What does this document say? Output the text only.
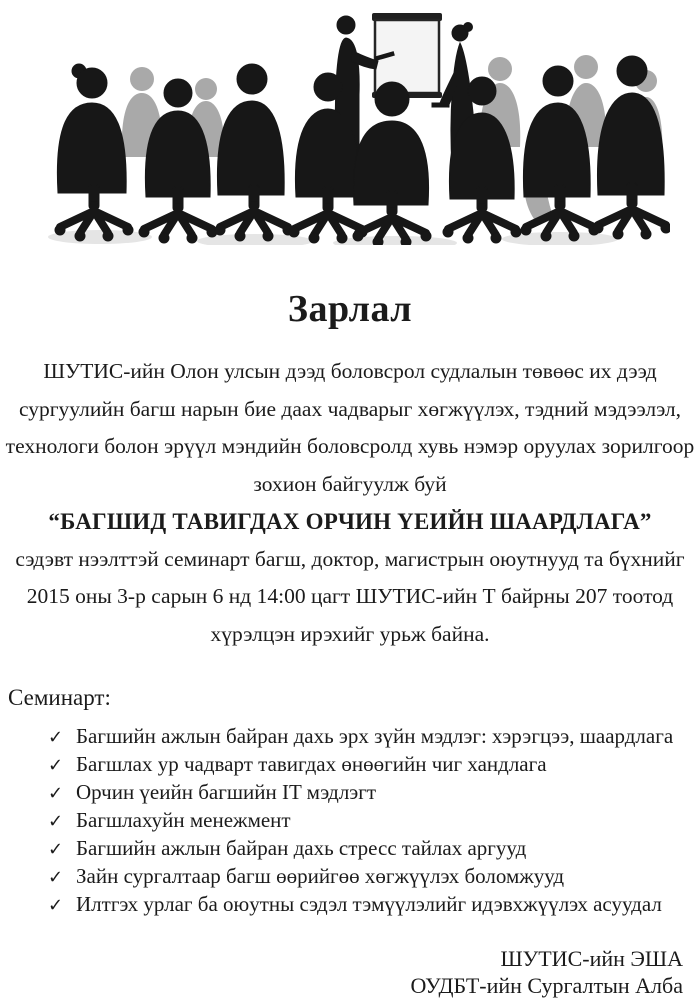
Зарлал
ШУТИС-ийн Олон улсын дээд боловсрол судлалын төвөөс их дээд
сургуулийн багш нарын бие даах чадварыг хөгжүүлэх, тэдний мэдээлэл,
технологи болон эрүүл мэндийн боловсролд хувь нэмэр оруулах зорилгоор
зохион байгуулж буй
“БАГШИД ТАВИГДАХ ОРЧИН ҮЕИЙН ШААРДЛАГА”
сэдэвт нээлттэй семинарт багш, доктор, магистрын оюутнууд та бүхнийг
2015 оны 3-р сарын 6 нд 14:00 цагт ШУТИС-ийн Т байрны 207 тоотод
хүрэлцэн ирэхийг урьж байна.
Семинарт:
✓ Багшийн ажлын байран дахь эрх зүйн мэдлэг: хэрэгцээ, шаардлага
✓ Багшлах ур чадварт тавигдах өнөөгийн чиг хандлага
✓ Орчин үеийн багшийн IT мэдлэгт
✓ Багшлахуйн менежмент
✓ Багшийн ажлын байран дахь стресс тайлах аргууд
✓ Зайн сургалтаар багш өөрийгөө хөгжүүлэх боломжууд
✓ Илтгэх урлаг ба оюутны сэдэл тэмүүлэлийг идэвхжүүлэх асуудал
ШУТИС-ийн ЭША
ОУДБТ-ийн Сургалтын Алба
